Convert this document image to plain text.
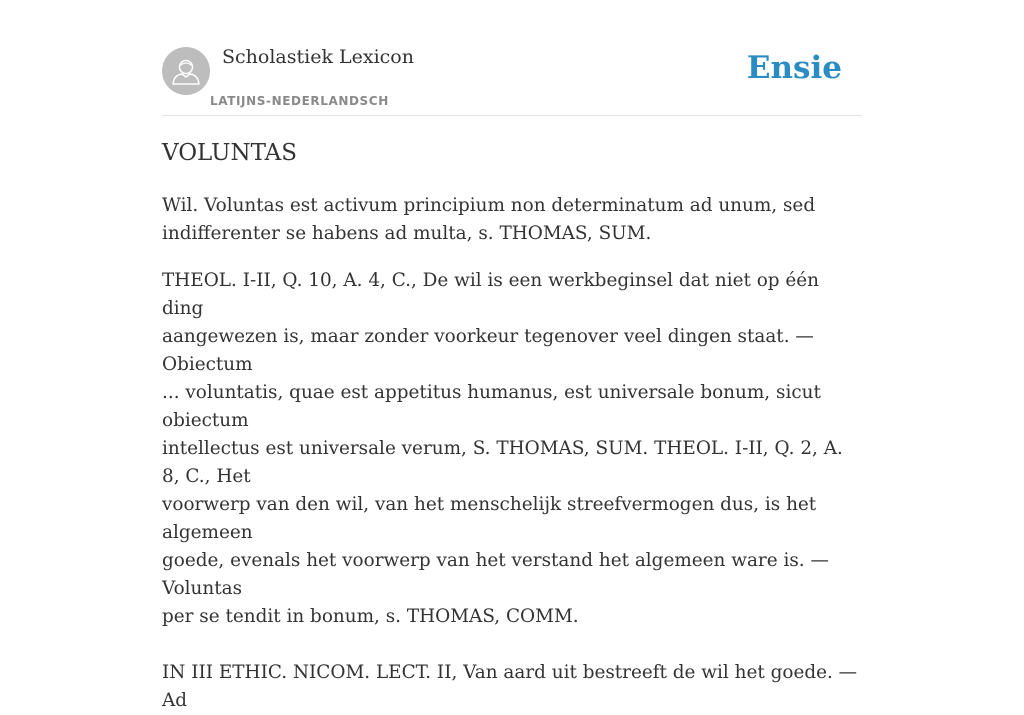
Scholastiek Lexicon
LATIJNS-NEDERLANDSCH
Ensie
VOLUNTAS

Wil. Voluntas est activum principium non determinatum ad unum, sed
indifferenter se habens ad multa, s. THOMAS, SUM.

THEOL. I-II, Q. 10, A. 4, C., De wil is een werkbeginsel dat niet op één ding
aangewezen is, maar zonder voorkeur tegenover veel dingen staat. — Obiectum
... voluntatis, quae est appetitus humanus, est universale bonum, sicut obiectum
intellectus est universale verum, S. THOMAS, SUM. THEOL. I-II, Q. 2, A. 8, C., Het
voorwerp van den wil, van het menschelijk streefvermogen dus, is het algemeen
goede, evenals het voorwerp van het verstand het algemeen ware is. — Voluntas
per se tendit in bonum, s. THOMAS, COMM.

IN III ETHIC. NICOM. LECT. II, Van aard uit bestreeft de wil het goede. — Ad
